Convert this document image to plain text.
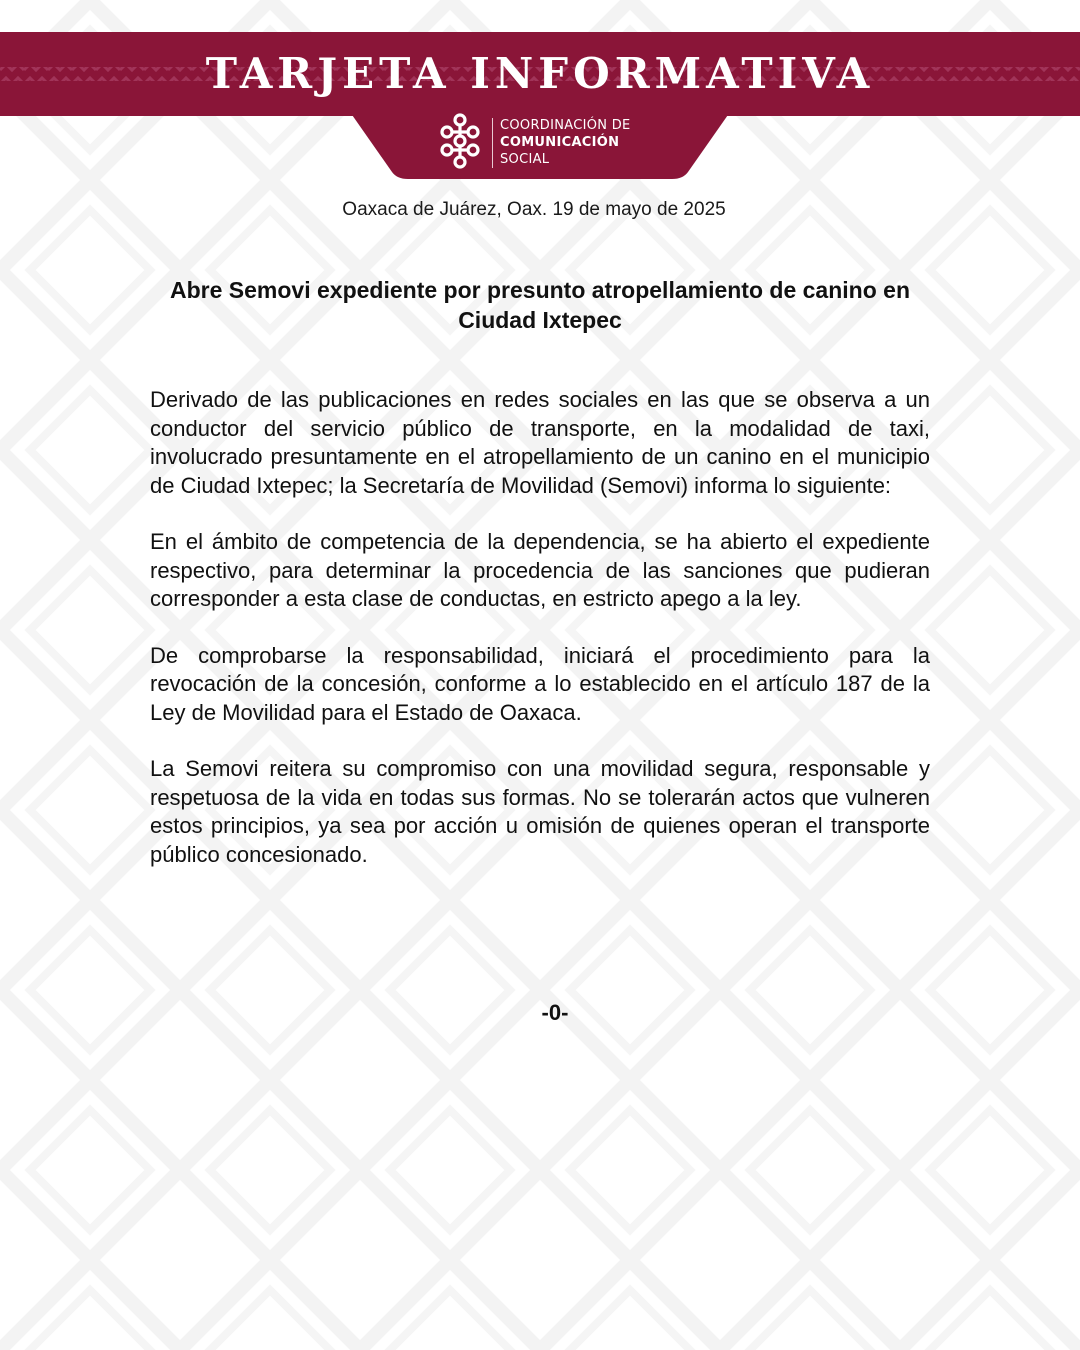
TARJETA INFORMATIVA
COORDINACIÓN DE
COMUNICACIÓN
SOCIAL
Oaxaca de Juárez, Oax. 19 de mayo de 2025
Abre Semovi expediente por presunto atropellamiento de canino en Ciudad Ixtepec

Derivado de las publicaciones en redes sociales en las que se observa a un conductor del servicio público de transporte, en la modalidad de taxi, involucrado presuntamente en el atropellamiento de un canino en el municipio de Ciudad Ixtepec; la Secretaría de Movilidad (Semovi) informa lo siguiente:

En el ámbito de competencia de la dependencia, se ha abierto el expediente respectivo, para determinar la procedencia de las sanciones que pudieran corresponder a esta clase de conductas, en estricto apego a la ley.

De comprobarse la responsabilidad, iniciará el procedimiento para la revocación de la concesión, conforme a lo establecido en el artículo 187 de la Ley de Movilidad para el Estado de Oaxaca.

La Semovi reitera su compromiso con una movilidad segura, responsable y respetuosa de la vida en todas sus formas. No se tolerarán actos que vulneren estos principios, ya sea por acción u omisión de quienes operan el transporte público concesionado.

-0-
